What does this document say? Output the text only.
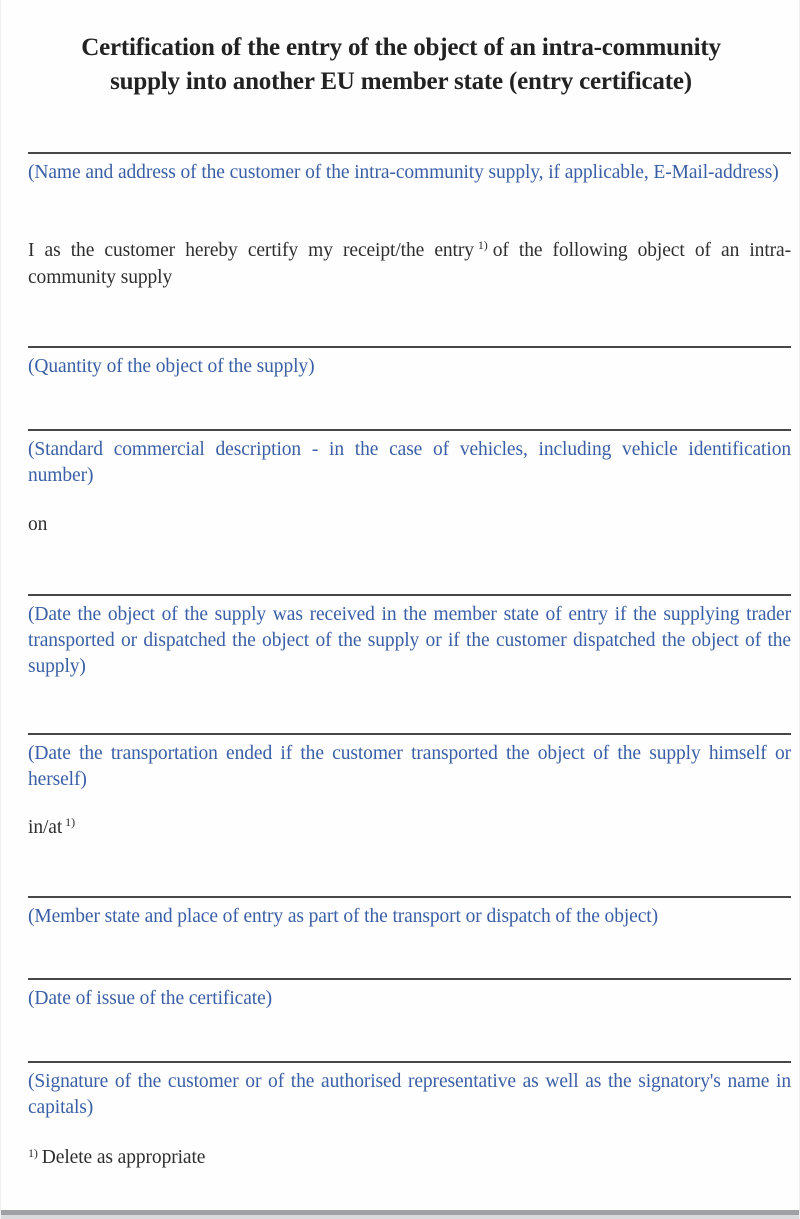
Certification of the entry of the object of an intra-community
supply into another EU member state (entry certificate)

(Name and address of the customer of the intra-community supply, if applicable, E-Mail-address)

I as the customer hereby certify my receipt/the entry $^{1)}$ of the following object of an intra-community supply

(Quantity of the object of the supply)

(Standard commercial description - in the case of vehicles, including vehicle identification number)

on

(Date the object of the supply was received in the member state of entry if the supplying trader transported or dispatched the object of the supply or if the customer dispatched the object of the supply)

(Date the transportation ended if the customer transported the object of the supply himself or herself)

in/at $^{1)}$

(Member state and place of entry as part of the transport or dispatch of the object)

(Date of issue of the certificate)

(Signature of the customer or of the authorised representative as well as the signatory's name in capitals)

$^{1)}$ Delete as appropriate
